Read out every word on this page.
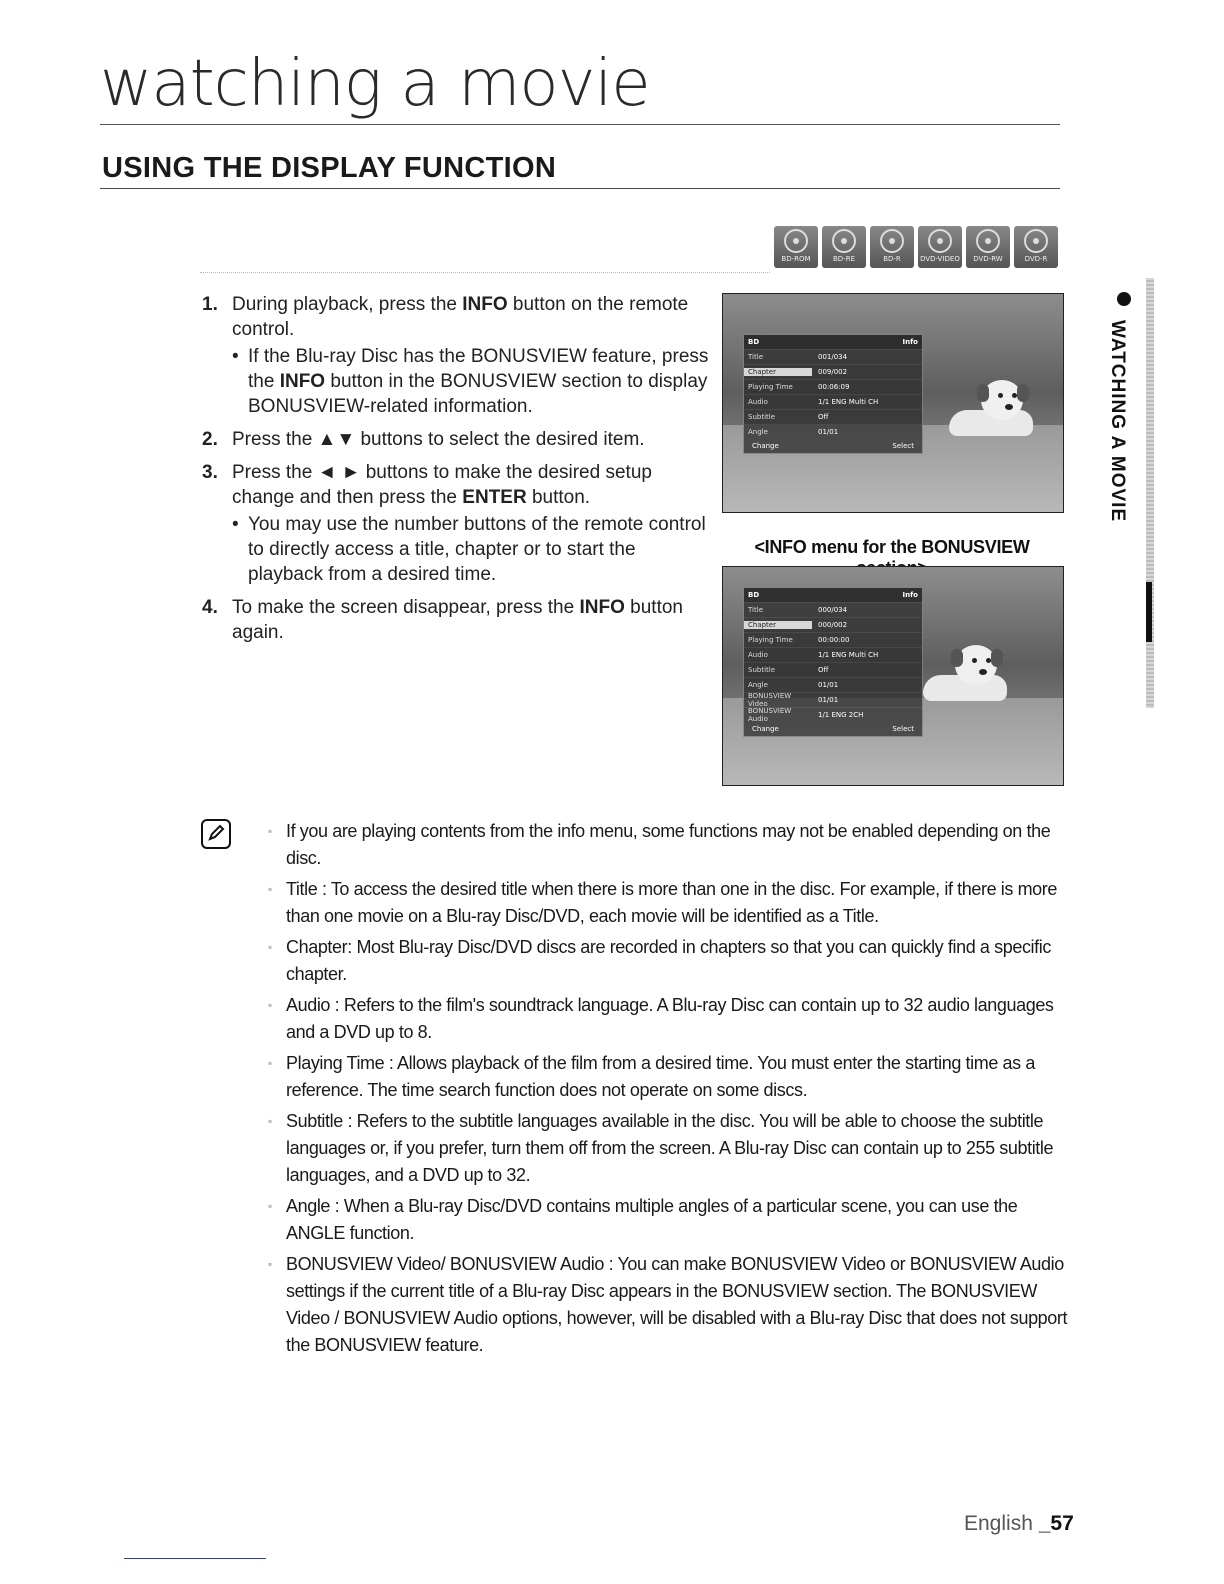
watching a movie
USING THE DISPLAY FUNCTION
BD-ROM	BD-RE	BD-R	DVD-VIDEO DVD-RW	DVD-R
1. During playback, press the INFO button on the remote control.
• If the Blu-ray Disc has the BONUSVIEW feature, press the INFO button in the BONUSVIEW section to display BONUSVIEW-related information.
2. Press the ▲▼ buttons to select the desired item.
3. Press the ◄ ► buttons to make the desired setup change and then press the ENTER button.
• You may use the number buttons of the remote control to directly access a title, chapter or to start the playback from a desired time.
4. To make the screen disappear, press the INFO button again.
BD	Info
Title	001/034
Chapter	009/002
Playing Time	00:06:09
Audio	1/1 ENG Multi CH
Subtitle	Off
Angle	01/01
Change	Select
<INFO menu for the BONUSVIEW
BD	Info
Title	000/034
Chapter	000/002
Playing Time	00:00:00
Audio	1/1 ENG Multi CH
Subtitle	Off
Angle	01/01
BONUSVIEW Video	01/01
BONUSVIEW Audio	1/1 ENG 2CH
Change	Select
▪ If you are playing contents from the info menu, some functions may not be enabled depending on the disc.
▪ Title : To access the desired title when there is more than one in the disc. For example, if there is more than one movie on a Blu-ray Disc/DVD, each movie will be identified as a Title.
▪ Chapter: Most Blu-ray Disc/DVD discs are recorded in chapters so that you can quickly find a specific chapter.
▪ Audio : Refers to the film's soundtrack language. A Blu-ray Disc can contain up to 32 audio languages and a DVD up to 8.
▪ Playing Time : Allows playback of the film from a desired time. You must enter the starting time as a reference. The time search function does not operate on some discs.
▪ Subtitle : Refers to the subtitle languages available in the disc. You will be able to choose the subtitle languages or, if you prefer, turn them off from the screen. A Blu-ray Disc can contain up to 255 subtitle languages, and a DVD up to 32.
▪ Angle : When a Blu-ray Disc/DVD contains multiple angles of a particular scene, you can use the ANGLE function.
▪ BONUSVIEW Video/ BONUSVIEW Audio : You can make BONUSVIEW Video or BONUSVIEW Audio settings if the current title of a Blu-ray Disc appears in the BONUSVIEW section. The BONUSVIEW Video / BONUSVIEW Audio options, however, will be disabled with a Blu-ray Disc that does not support the BONUSVIEW feature.
WATCHING A MOVIE
English _57
